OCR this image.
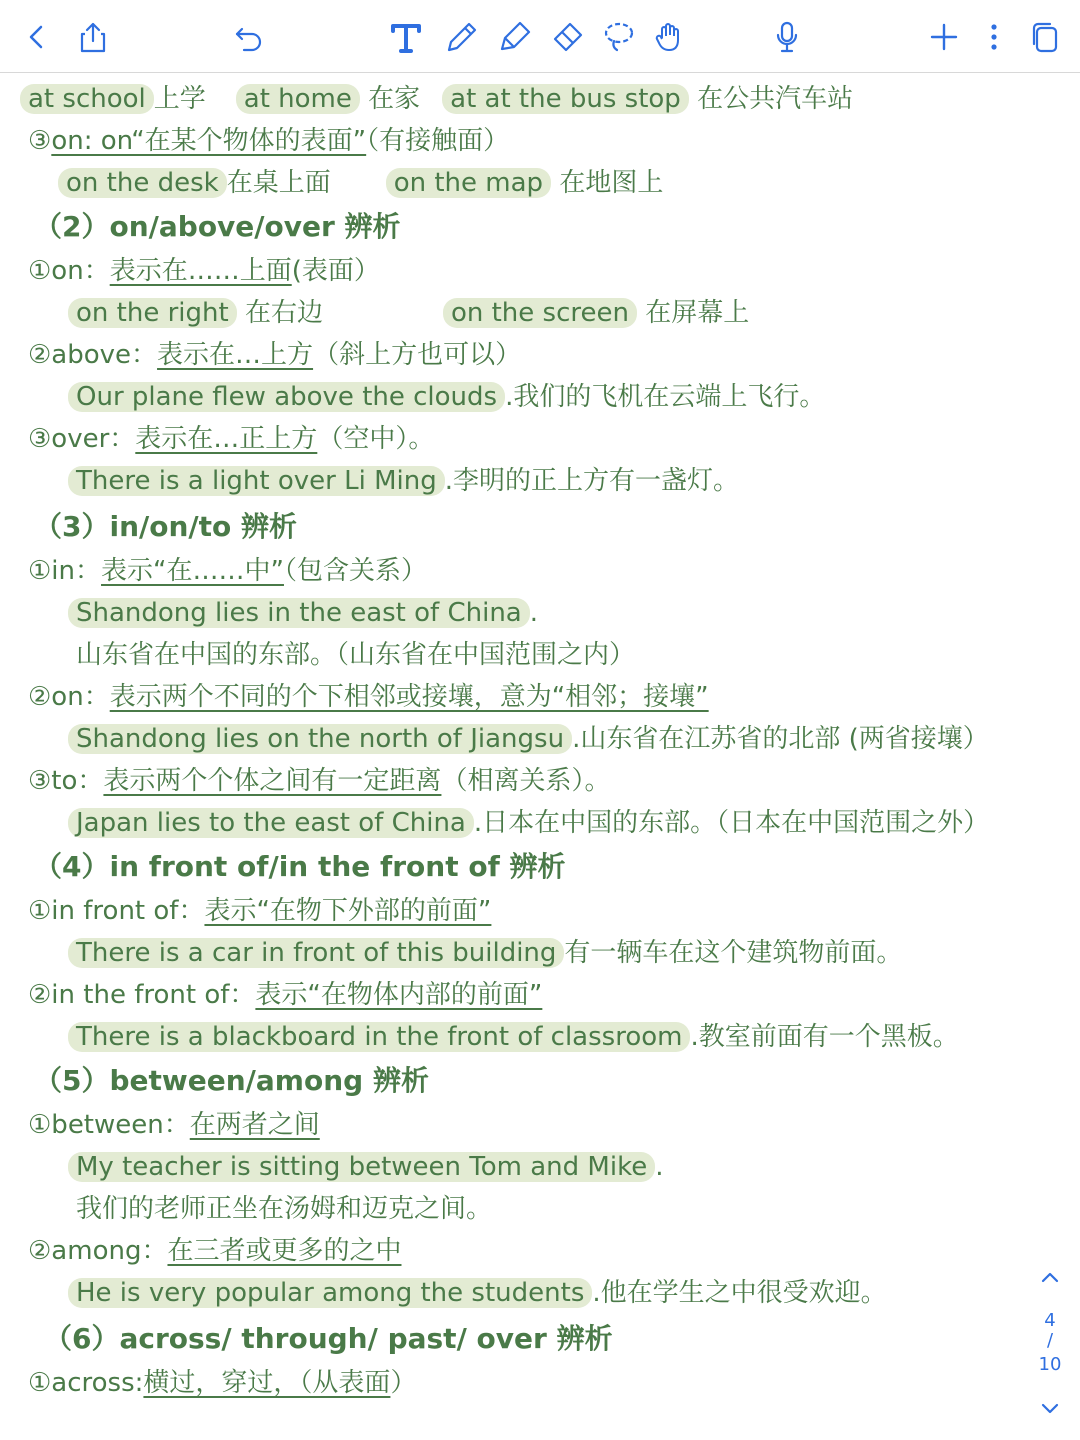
at school 上学 at home 在家 at at the bus stop 在公共汽车站
③on: on“在某个物体的表面”（有接触面）
on the desk 在桌上面 on the map 在地图上
（2）on/above/over 辨析
①on：表示在……上面(表面）
on the right 在右边	on the screen 在屏幕上
②above：表示在…上方（斜上方也可以）
Our plane flew above the clouds .我们的飞机在云端上飞行。
③over：表示在…正上方（空中）。
There is a light over Li Ming .李明的正上方有一盏灯。
（3）in/on/to 辨析
①in：表示“在……中”（包含关系）
Shandong lies in the east of China .
山东省在中国的东部。（山东省在中国范围之内）
②on：表示两个不同的个下相邻或接壤，意为“相邻；接壤”
Shandong lies on the north of Jiangsu .山东省在江苏省的北部 (两省接壤）
③to：表示两个个体之间有一定距离（相离关系）。
Japan lies to the east of China .日本在中国的东部。（日本在中国范围之外）
（4）in front of/in the front of 辨析
①in front of：表示“在物下外部的前面”
There is a car in front of this building 有一辆车在这个建筑物前面。
②in the front of：表示“在物体内部的前面”
There is a blackboard in the front of classroom .教室前面有一个黑板。
（5）between/among 辨析
①between：在两者之间
My teacher is sitting between Tom and Mike .
我们的老师正坐在汤姆和迈克之间。
②among：在三者或更多的之中
He is very popular among the students .他在学生之中很受欢迎。
（6）across/ through/ past/ over 辨析
①across:横过，穿过，（从表面）
4
/
10
